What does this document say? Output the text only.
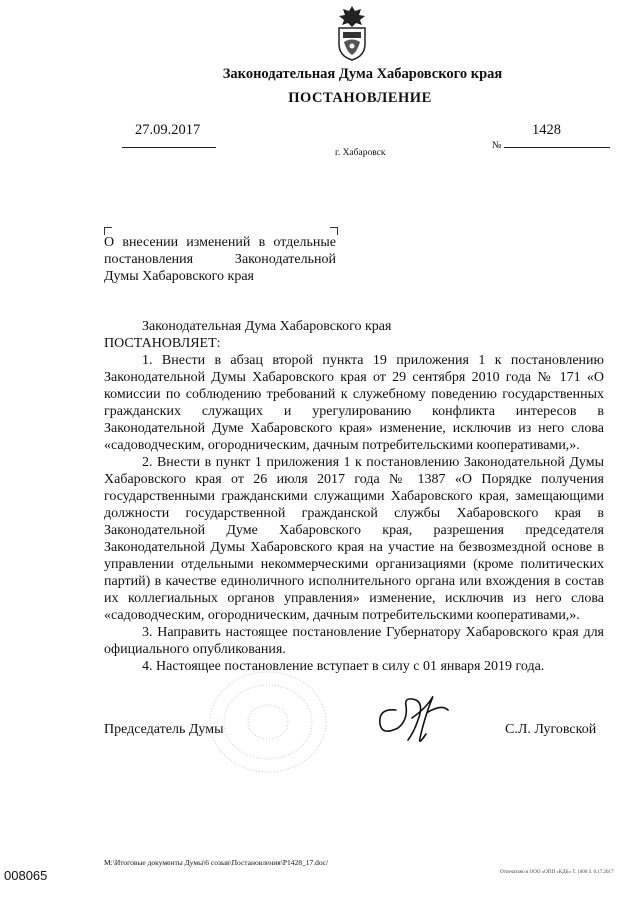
Законодательная Дума Хабаровского края
ПОСТАНОВЛЕНИЕ
27.09.2017
г. Хабаровск
№
1428
О внесении изменений в отдельные
постановления Законодательной
Думы Хабаровского края
Законодательная Дума Хабаровского края
ПОСТАНОВЛЯЕТ:

1. Внести в абзац второй пункта 19 приложения 1 к постановлению Законодательной Думы Хабаровского края от 29 сентября 2010 года № 171 «О комиссии по соблюдению требований к служебному поведению государственных гражданских служащих и урегулированию конфликта интересов в Законодательной Думе Хабаровского края» изменение, исключив из него слова «садоводческим, огородническим, дачным потребительскими кооперативами,».

2. Внести в пункт 1 приложения 1 к постановлению Законодательной Думы Хабаровского края от 26 июля 2017 года № 1387 «О Порядке получения государственными гражданскими служащими Хабаровского края, замещающими должности государственной гражданской службы Хабаровского края в Законодательной Думе Хабаровского края, разрешения председателя Законодательной Думы Хабаровского края на участие на безвозмездной основе в управлении отдельными некоммерческими организациями (кроме политических партий) в качестве единоличного исполнительного органа или вхождения в состав их коллегиальных органов управления» изменение, исключив из него слова «садоводческим, огородническим, дачным потребительскими кооперативами,».

3. Направить настоящее постановление Губернатору Хабаровского края для официального опубликования.

4. Настоящее постановление вступает в силу с 01 января 2019 года.

Председатель Думы	С.Л. Луговской
М:\Итоговые документы Думы\6 созыв\Постановления\P1428_17.doc/
008065	Отпечатано в ООО «ОПП «КДБ» Т. 1000 З. 0.17.2017
